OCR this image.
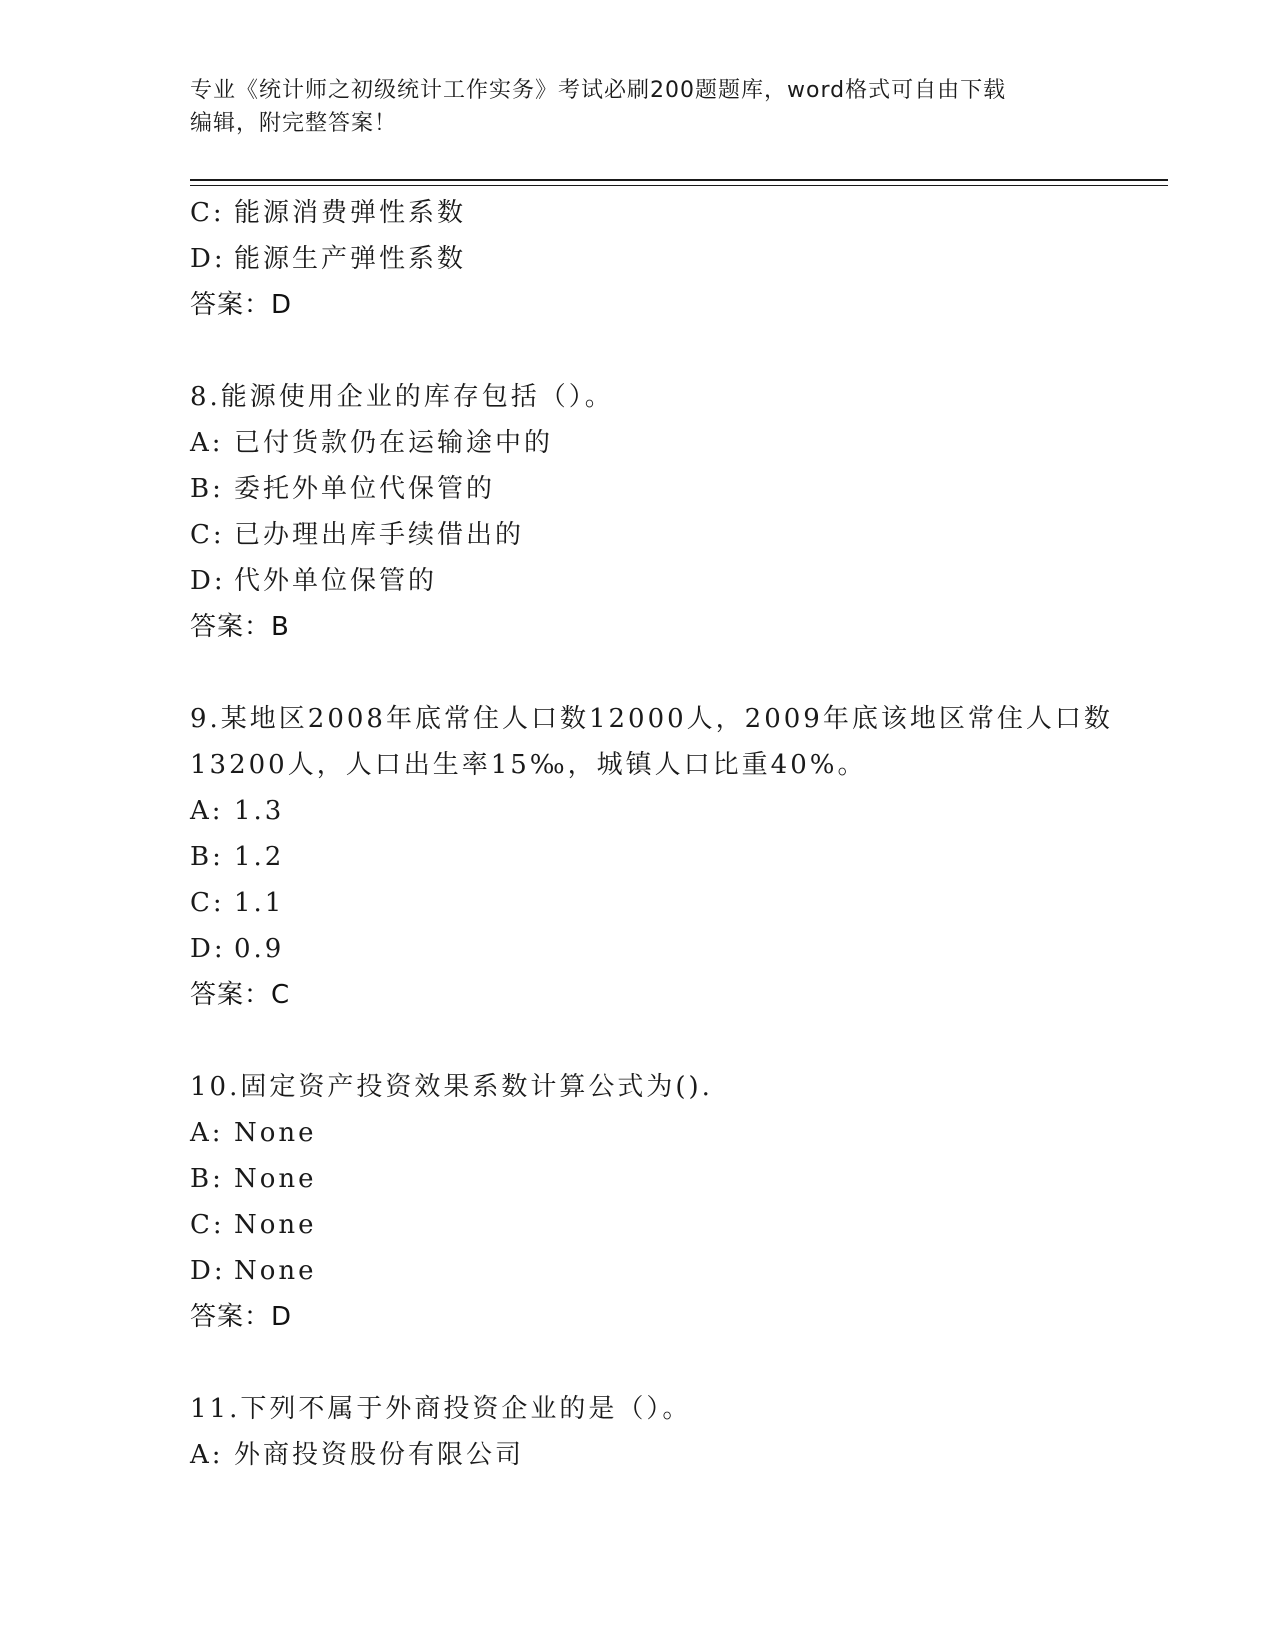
专业《统计师之初级统计工作实务》考试必刷200题题库，word格式可自由下载
编辑，附完整答案！
C: 能源消费弹性系数
D: 能源生产弹性系数
答案：D
8.能源使用企业的库存包括（）。
A: 已付货款仍在运输途中的
B: 委托外单位代保管的
C: 已办理出库手续借出的
D: 代外单位保管的
答案：B
9.某地区2008年底常住人口数12000人，2009年底该地区常住人口数
13200人，人口出生率15‰，城镇人口比重40%。
A: 1.3
B: 1.2
C: 1.1
D: 0.9
答案：C
10.固定资产投资效果系数计算公式为().
A: None
B: None
C: None
D: None
答案：D
11.下列不属于外商投资企业的是（）。
A: 外商投资股份有限公司
